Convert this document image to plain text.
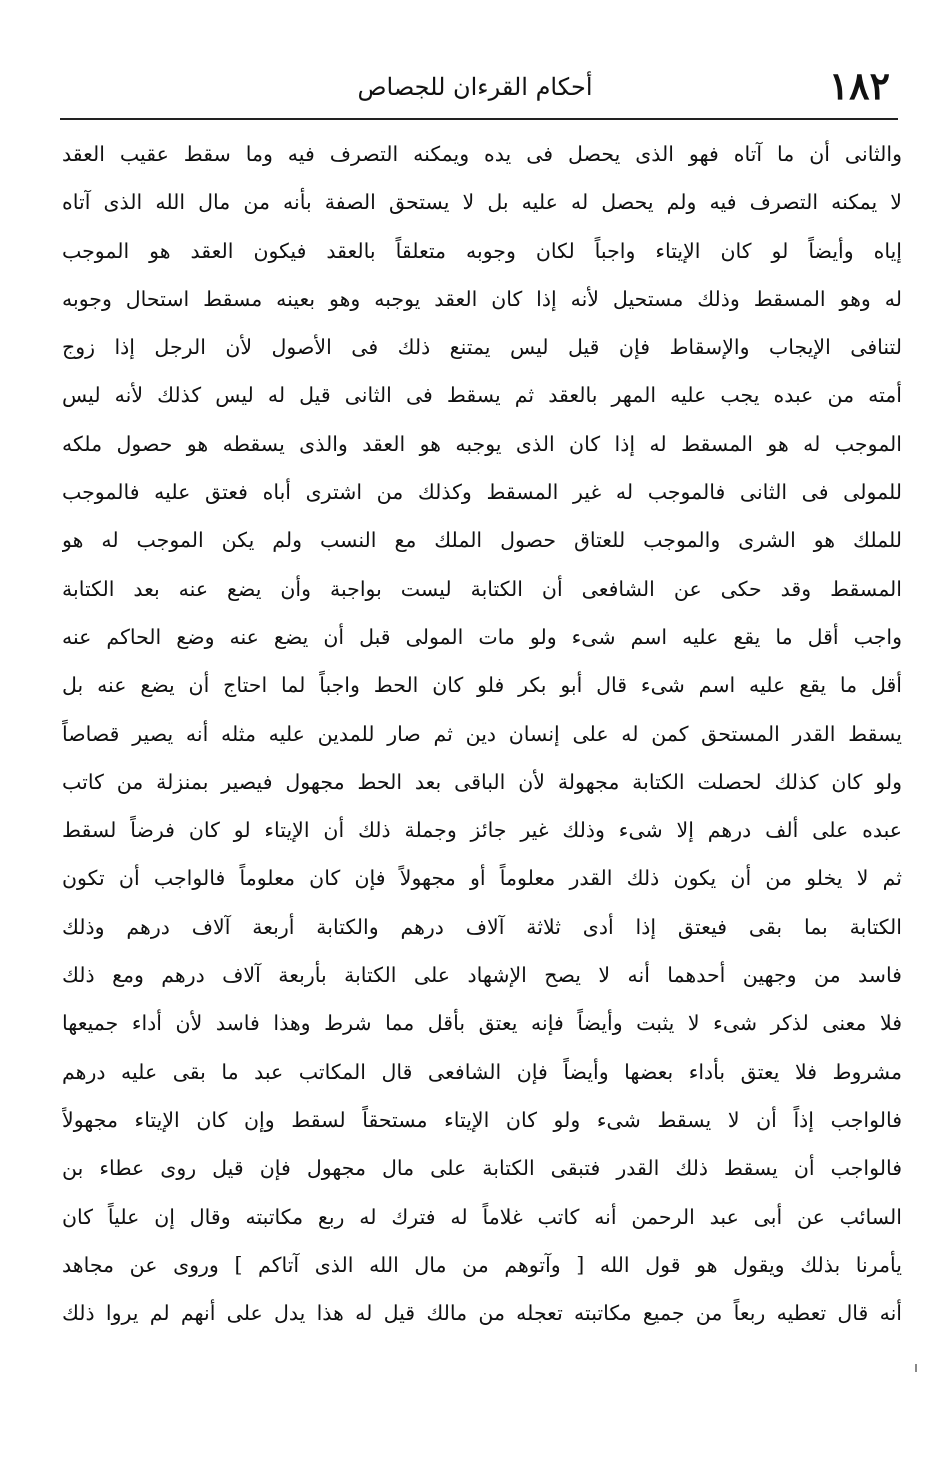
١٨٢
أحكام القرءان للجصاص
والثانى أن ما آتاه فهو الذى يحصل فى يده ويمكنه التصرف فيه وما سقط عقيب العقد
لا يمكنه التصرف فيه ولم يحصل له عليه بل لا يستحق الصفة بأنه من مال الله الذى آتاه
إياه وأيضاً لو كان الإيتاء واجباً لكان وجوبه متعلقاً بالعقد فيكون العقد هو الموجب
له وهو المسقط وذلك مستحيل لأنه إذا كان العقد يوجبه وهو بعينه مسقط استحال وجوبه
لتنافى الإيجاب والإسقاط فإن قيل ليس يمتنع ذلك فى الأصول لأن الرجل إذا زوج
أمته من عبده يجب عليه المهر بالعقد ثم يسقط فى الثانى قيل له ليس كذلك لأنه ليس
الموجب له هو المسقط له إذا كان الذى يوجبه هو العقد والذى يسقطه هو حصول ملكه
للمولى فى الثانى فالموجب له غير المسقط وكذلك من اشترى أباه فعتق عليه فالموجب
للملك هو الشرى والموجب للعتاق حصول الملك مع النسب ولم يكن الموجب له هو
المسقط وقد حكى عن الشافعى أن الكتابة ليست بواجبة وأن يضع عنه بعد الكتابة
واجب أقل ما يقع عليه اسم شىء ولو مات المولى قبل أن يضع عنه وضع الحاكم عنه
أقل ما يقع عليه اسم شىء قال أبو بكر فلو كان الحط واجباً لما احتاج أن يضع عنه بل
يسقط القدر المستحق كمن له على إنسان دين ثم صار للمدين عليه مثله أنه يصير قصاصاً
ولو كان كذلك لحصلت الكتابة مجهولة لأن الباقى بعد الحط مجهول فيصير بمنزلة من كاتب
عبده على ألف درهم إلا شىء وذلك غير جائز وجملة ذلك أن الإيتاء لو كان فرضاً لسقط
ثم لا يخلو من أن يكون ذلك القدر معلوماً أو مجهولاً فإن كان معلوماً فالواجب أن تكون
الكتابة بما بقى فيعتق إذا أدى ثلاثة آلاف درهم والكتابة أربعة آلاف درهم وذلك
فاسد من وجهين أحدهما أنه لا يصح الإشهاد على الكتابة بأربعة آلاف درهم ومع ذلك
فلا معنى لذكر شىء لا يثبت وأيضاً فإنه يعتق بأقل مما شرط وهذا فاسد لأن أداء جميعها
مشروط فلا يعتق بأداء بعضها وأيضاً فإن الشافعى قال المكاتب عبد ما بقى عليه درهم
فالواجب إذاً أن لا يسقط شىء ولو كان الإيتاء مستحقاً لسقط وإن كان الإيتاء مجهولاً
فالواجب أن يسقط ذلك القدر فتبقى الكتابة على مال مجهول فإن قيل روى عطاء بن
السائب عن أبى عبد الرحمن أنه كاتب غلاماً له فترك له ربع مكاتبته وقال إن علياً كان
يأمرنا بذلك ويقول هو قول الله [ وآتوهم من مال الله الذى آتاكم ] وروى عن مجاهد
أنه قال تعطيه ربعاً من جميع مكاتبته تعجله من مالك قيل له هذا يدل على أنهم لم يروا ذلك
